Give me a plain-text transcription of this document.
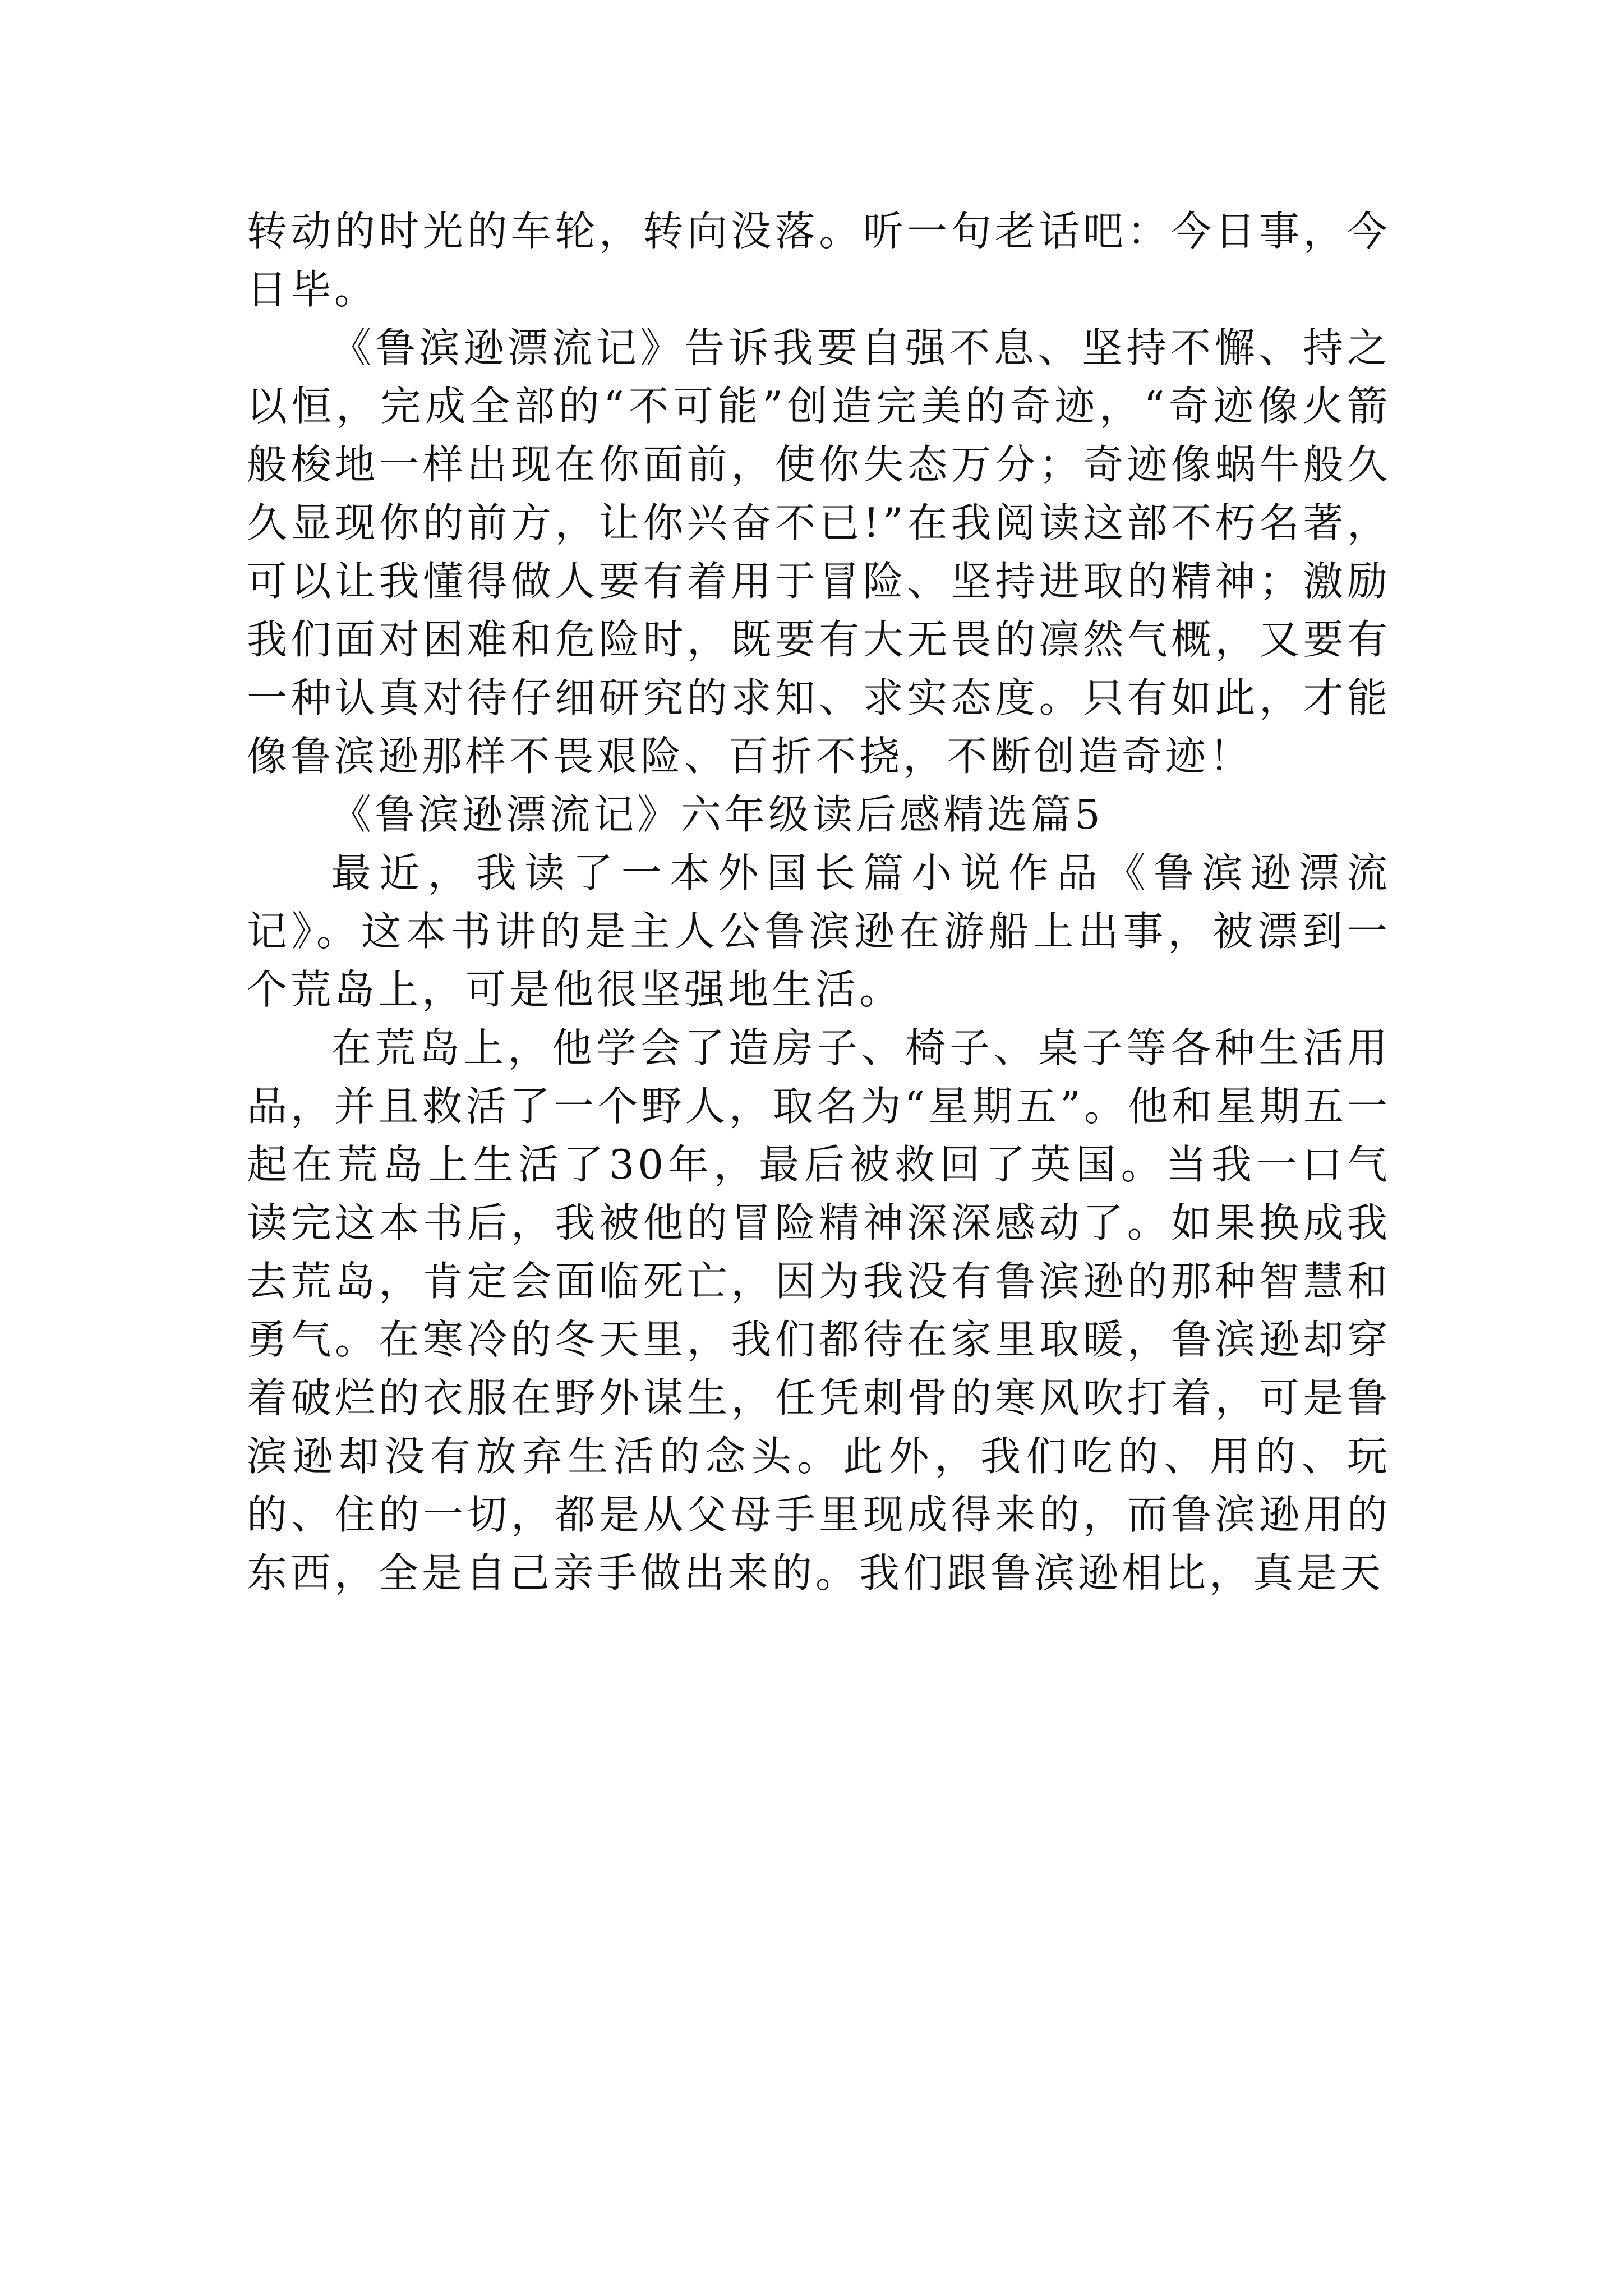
转动的时光的车轮，转向没落。听一句老话吧：今日事，今日毕。

《鲁滨逊漂流记》告诉我要自强不息、坚持不懈、持之以恒，完成全部的“不可能”创造完美的奇迹，“奇迹像火箭般梭地一样出现在你面前，使你失态万分；奇迹像蜗牛般久久显现你的前方，让你兴奋不已!”在我阅读这部不朽名著，可以让我懂得做人要有着用于冒险、坚持进取的精神；激励我们面对困难和危险时，既要有大无畏的凛然气概，又要有一种认真对待仔细研究的求知、求实态度。只有如此，才能像鲁滨逊那样不畏艰险、百折不挠，不断创造奇迹！

《鲁滨逊漂流记》六年级读后感精选篇5

最近，我读了一本外国长篇小说作品《鲁滨逊漂流记》。这本书讲的是主人公鲁滨逊在游船上出事，被漂到一个荒岛上，可是他很坚强地生活。

在荒岛上，他学会了造房子、椅子、桌子等各种生活用品，并且救活了一个野人，取名为“星期五”。他和星期五一起在荒岛上生活了30年，最后被救回了英国。当我一口气读完这本书后，我被他的冒险精神深深感动了。如果换成我去荒岛，肯定会面临死亡，因为我没有鲁滨逊的那种智慧和勇气。在寒冷的冬天里，我们都待在家里取暖，鲁滨逊却穿着破烂的衣服在野外谋生，任凭刺骨的寒风吹打着，可是鲁滨逊却没有放弃生活的念头。此外，我们吃的、用的、玩的、住的一切，都是从父母手里现成得来的，而鲁滨逊用的东西，全是自己亲手做出来的。我们跟鲁滨逊相比，真是天
